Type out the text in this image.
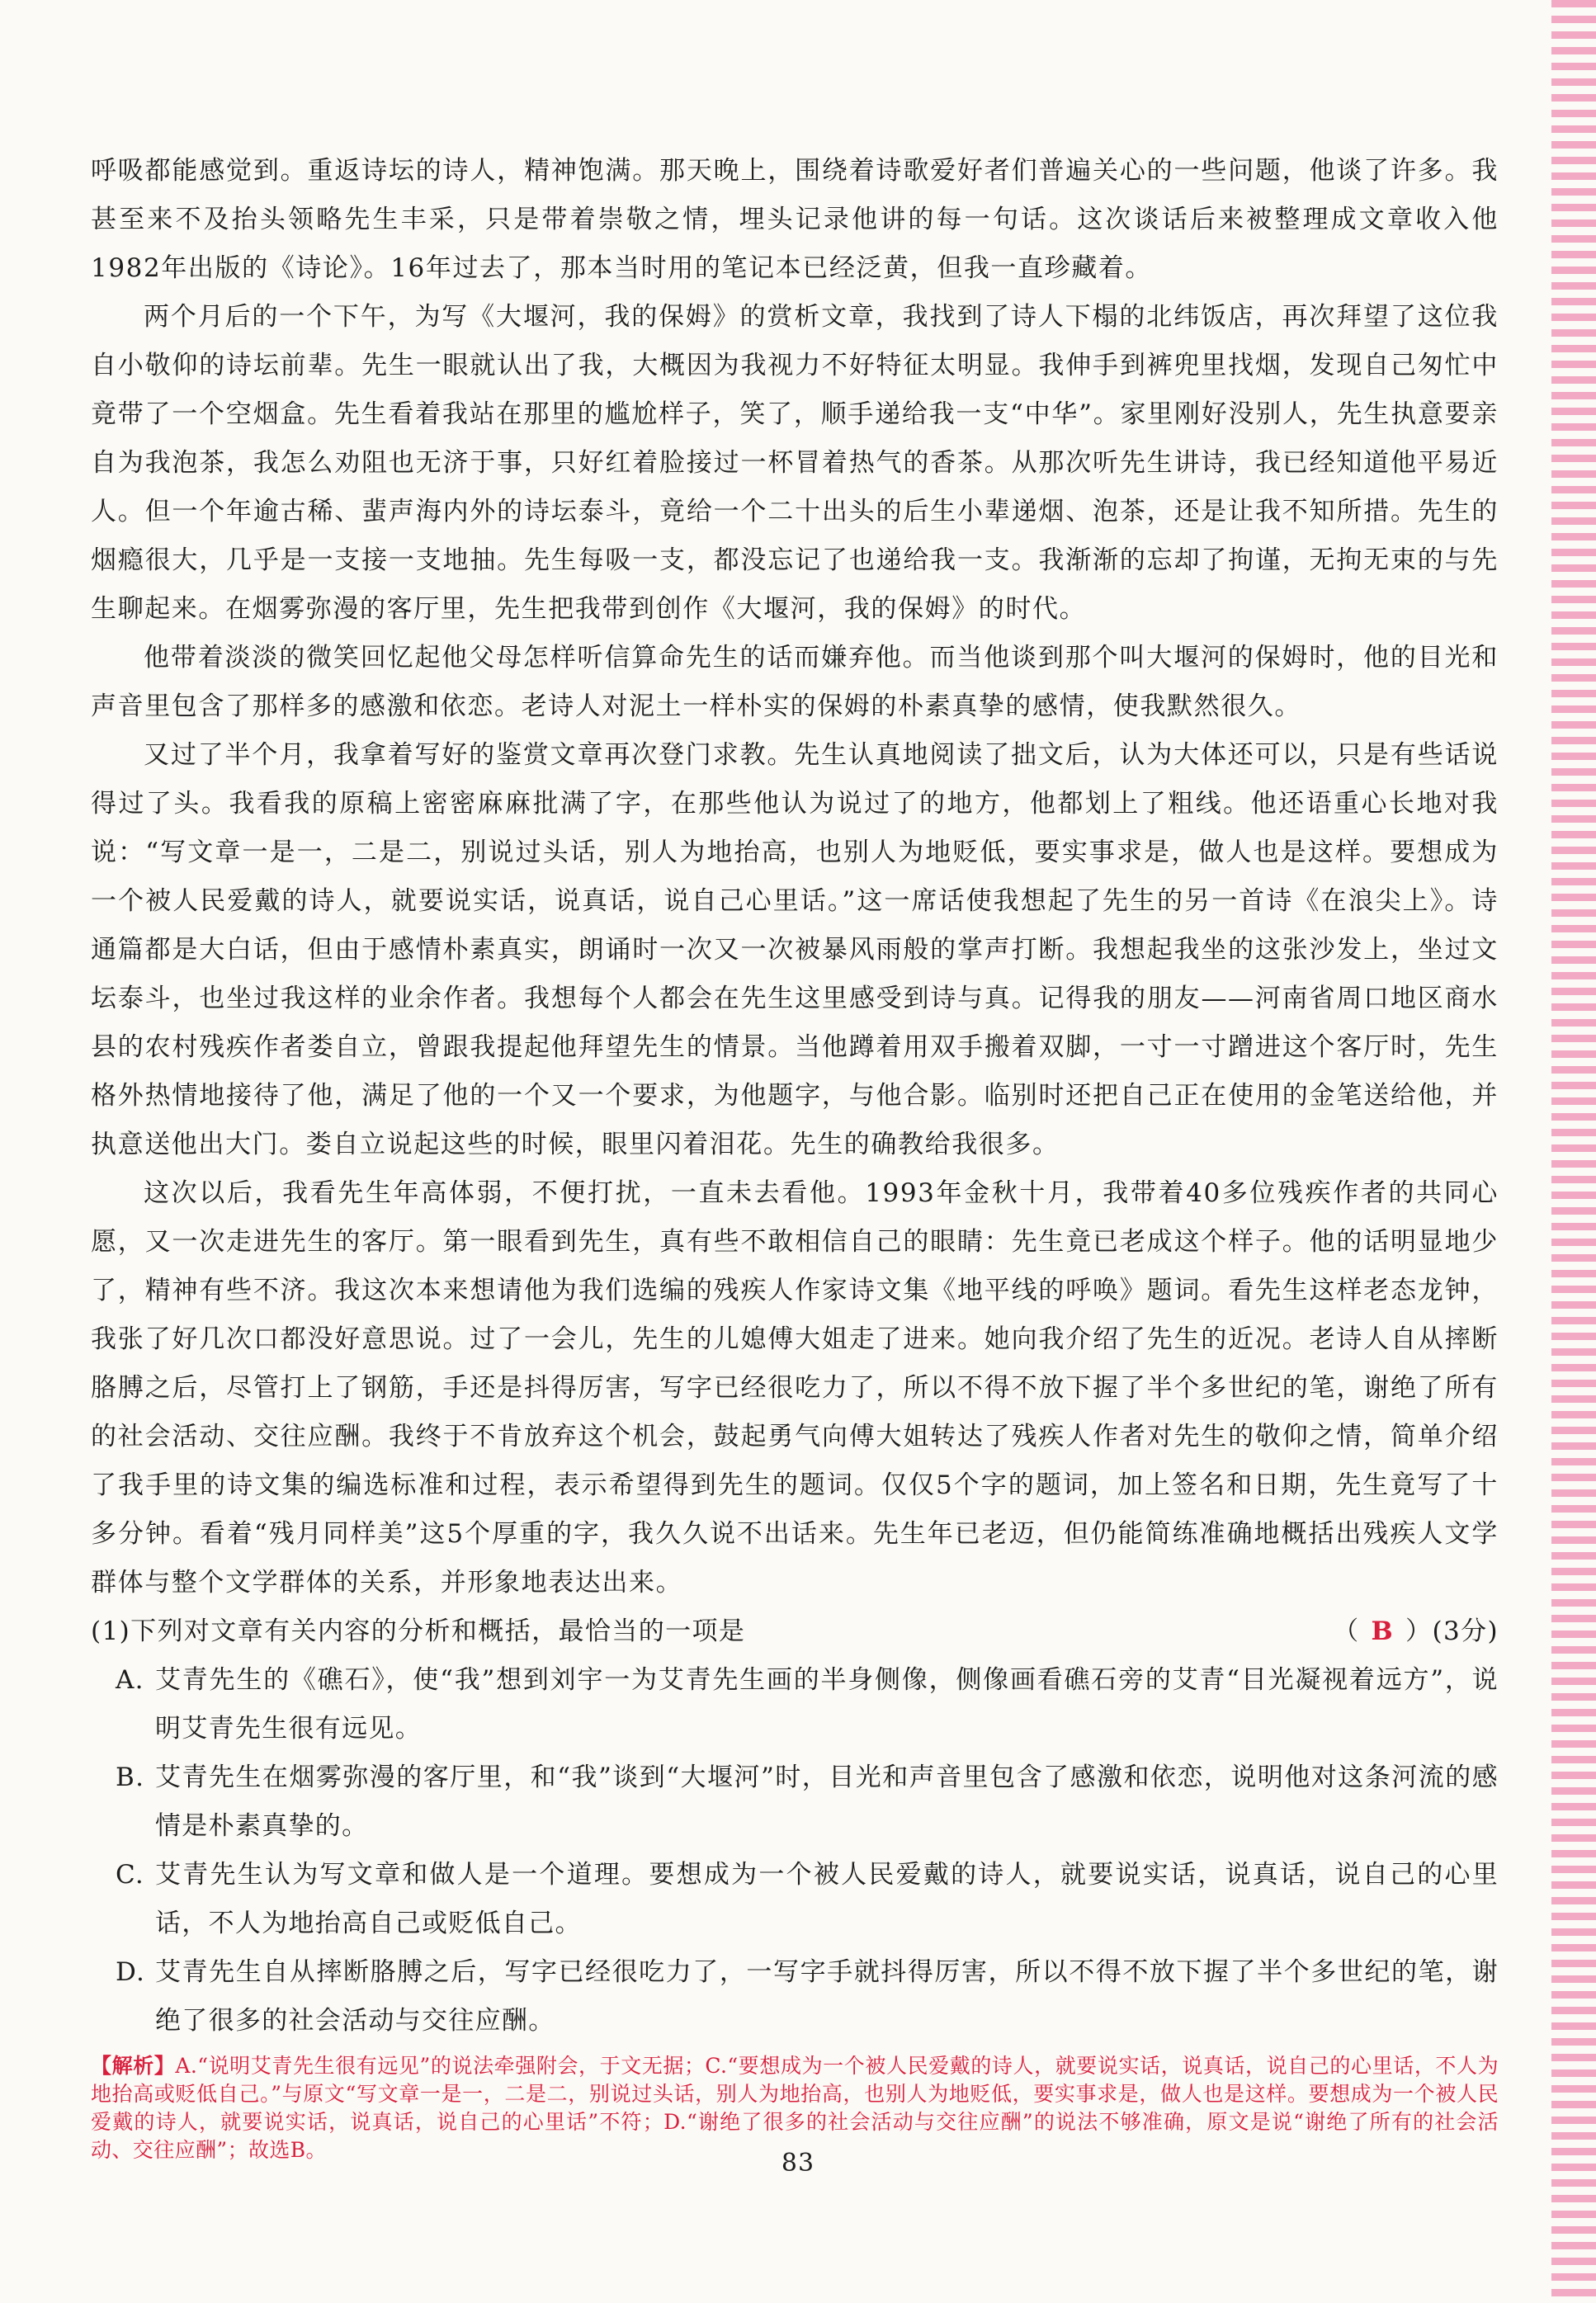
呼吸都能感觉到。重返诗坛的诗人，精神饱满。那天晚上，围绕着诗歌爱好者们普遍关心的一些问题，他谈了许多。我甚至来不及抬头领略先生丰采，只是带着崇敬之情，埋头记录他讲的每一句话。这次谈话后来被整理成文章收入他1982年出版的《诗论》。16年过去了，那本当时用的笔记本已经泛黄，但我一直珍藏着。

两个月后的一个下午，为写《大堰河，我的保姆》的赏析文章，我找到了诗人下榻的北纬饭店，再次拜望了这位我自小敬仰的诗坛前辈。先生一眼就认出了我，大概因为我视力不好特征太明显。我伸手到裤兜里找烟，发现自己匆忙中竟带了一个空烟盒。先生看着我站在那里的尴尬样子，笑了，顺手递给我一支“中华”。家里刚好没别人，先生执意要亲自为我泡茶，我怎么劝阻也无济于事，只好红着脸接过一杯冒着热气的香茶。从那次听先生讲诗，我已经知道他平易近人。但一个年逾古稀、蜚声海内外的诗坛泰斗，竟给一个二十出头的后生小辈递烟、泡茶，还是让我不知所措。先生的烟瘾很大，几乎是一支接一支地抽。先生每吸一支，都没忘记了也递给我一支。我渐渐的忘却了拘谨，无拘无束的与先生聊起来。在烟雾弥漫的客厅里，先生把我带到创作《大堰河，我的保姆》的时代。

他带着淡淡的微笑回忆起他父母怎样听信算命先生的话而嫌弃他。而当他谈到那个叫大堰河的保姆时，他的目光和声音里包含了那样多的感激和依恋。老诗人对泥土一样朴实的保姆的朴素真挚的感情，使我默然很久。

又过了半个月，我拿着写好的鉴赏文章再次登门求教。先生认真地阅读了拙文后，认为大体还可以，只是有些话说得过了头。我看我的原稿上密密麻麻批满了字，在那些他认为说过了的地方，他都划上了粗线。他还语重心长地对我说：“写文章一是一，二是二，别说过头话，别人为地抬高，也别人为地贬低，要实事求是，做人也是这样。要想成为一个被人民爱戴的诗人，就要说实话，说真话，说自己心里话。”这一席话使我想起了先生的另一首诗《在浪尖上》。诗通篇都是大白话，但由于感情朴素真实，朗诵时一次又一次被暴风雨般的掌声打断。我想起我坐的这张沙发上，坐过文坛泰斗，也坐过我这样的业余作者。我想每个人都会在先生这里感受到诗与真。记得我的朋友——河南省周口地区商水县的农村残疾作者娄自立，曾跟我提起他拜望先生的情景。当他蹲着用双手搬着双脚，一寸一寸蹭进这个客厅时，先生格外热情地接待了他，满足了他的一个又一个要求，为他题字，与他合影。临别时还把自己正在使用的金笔送给他，并执意送他出大门。娄自立说起这些的时候，眼里闪着泪花。先生的确教给我很多。

这次以后，我看先生年高体弱，不便打扰，一直未去看他。1993年金秋十月，我带着40多位残疾作者的共同心愿，又一次走进先生的客厅。第一眼看到先生，真有些不敢相信自己的眼睛：先生竟已老成这个样子。他的话明显地少了，精神有些不济。我这次本来想请他为我们选编的残疾人作家诗文集《地平线的呼唤》题词。看先生这样老态龙钟，我张了好几次口都没好意思说。过了一会儿，先生的儿媳傅大姐走了进来。她向我介绍了先生的近况。老诗人自从摔断胳膊之后，尽管打上了钢筋，手还是抖得厉害，写字已经很吃力了，所以不得不放下握了半个多世纪的笔，谢绝了所有的社会活动、交往应酬。我终于不肯放弃这个机会，鼓起勇气向傅大姐转达了残疾人作者对先生的敬仰之情，简单介绍了我手里的诗文集的编选标准和过程，表示希望得到先生的题词。仅仅5个字的题词，加上签名和日期，先生竟写了十多分钟。看着“残月同样美”这5个厚重的字，我久久说不出话来。先生年已老迈，但仍能简练准确地概括出残疾人文学群体与整个文学群体的关系，并形象地表达出来。

(1)下列对文章有关内容的分析和概括，最恰当的一项是	（ B ）(3分)
A. 艾青先生的《礁石》，使“我”想到刘宇一为艾青先生画的半身侧像，侧像画看礁石旁的艾青“目光凝视着远方”，说明艾青先生很有远见。
B. 艾青先生在烟雾弥漫的客厅里，和“我”谈到“大堰河”时，目光和声音里包含了感激和依恋，说明他对这条河流的感情是朴素真挚的。
C. 艾青先生认为写文章和做人是一个道理。要想成为一个被人民爱戴的诗人，就要说实话，说真话，说自己的心里话，不人为地抬高自己或贬低自己。
D. 艾青先生自从摔断胳膊之后，写字已经很吃力了，一写字手就抖得厉害，所以不得不放下握了半个多世纪的笔，谢绝了很多的社会活动与交往应酬。
【解析】A.“说明艾青先生很有远见”的说法牵强附会，于文无据；C.“要想成为一个被人民爱戴的诗人，就要说实话，说真话，说自己的心里话，不人为地抬高或贬低自己。”与原文“写文章一是一，二是二，别说过头话，别人为地抬高，也别人为地贬低，要实事求是，做人也是这样。要想成为一个被人民爱戴的诗人，就要说实话，说真话，说自己的心里话”不符；D.“谢绝了很多的社会活动与交往应酬”的说法不够准确，原文是说“谢绝了所有的社会活动、交往应酬”；故选B。	83
